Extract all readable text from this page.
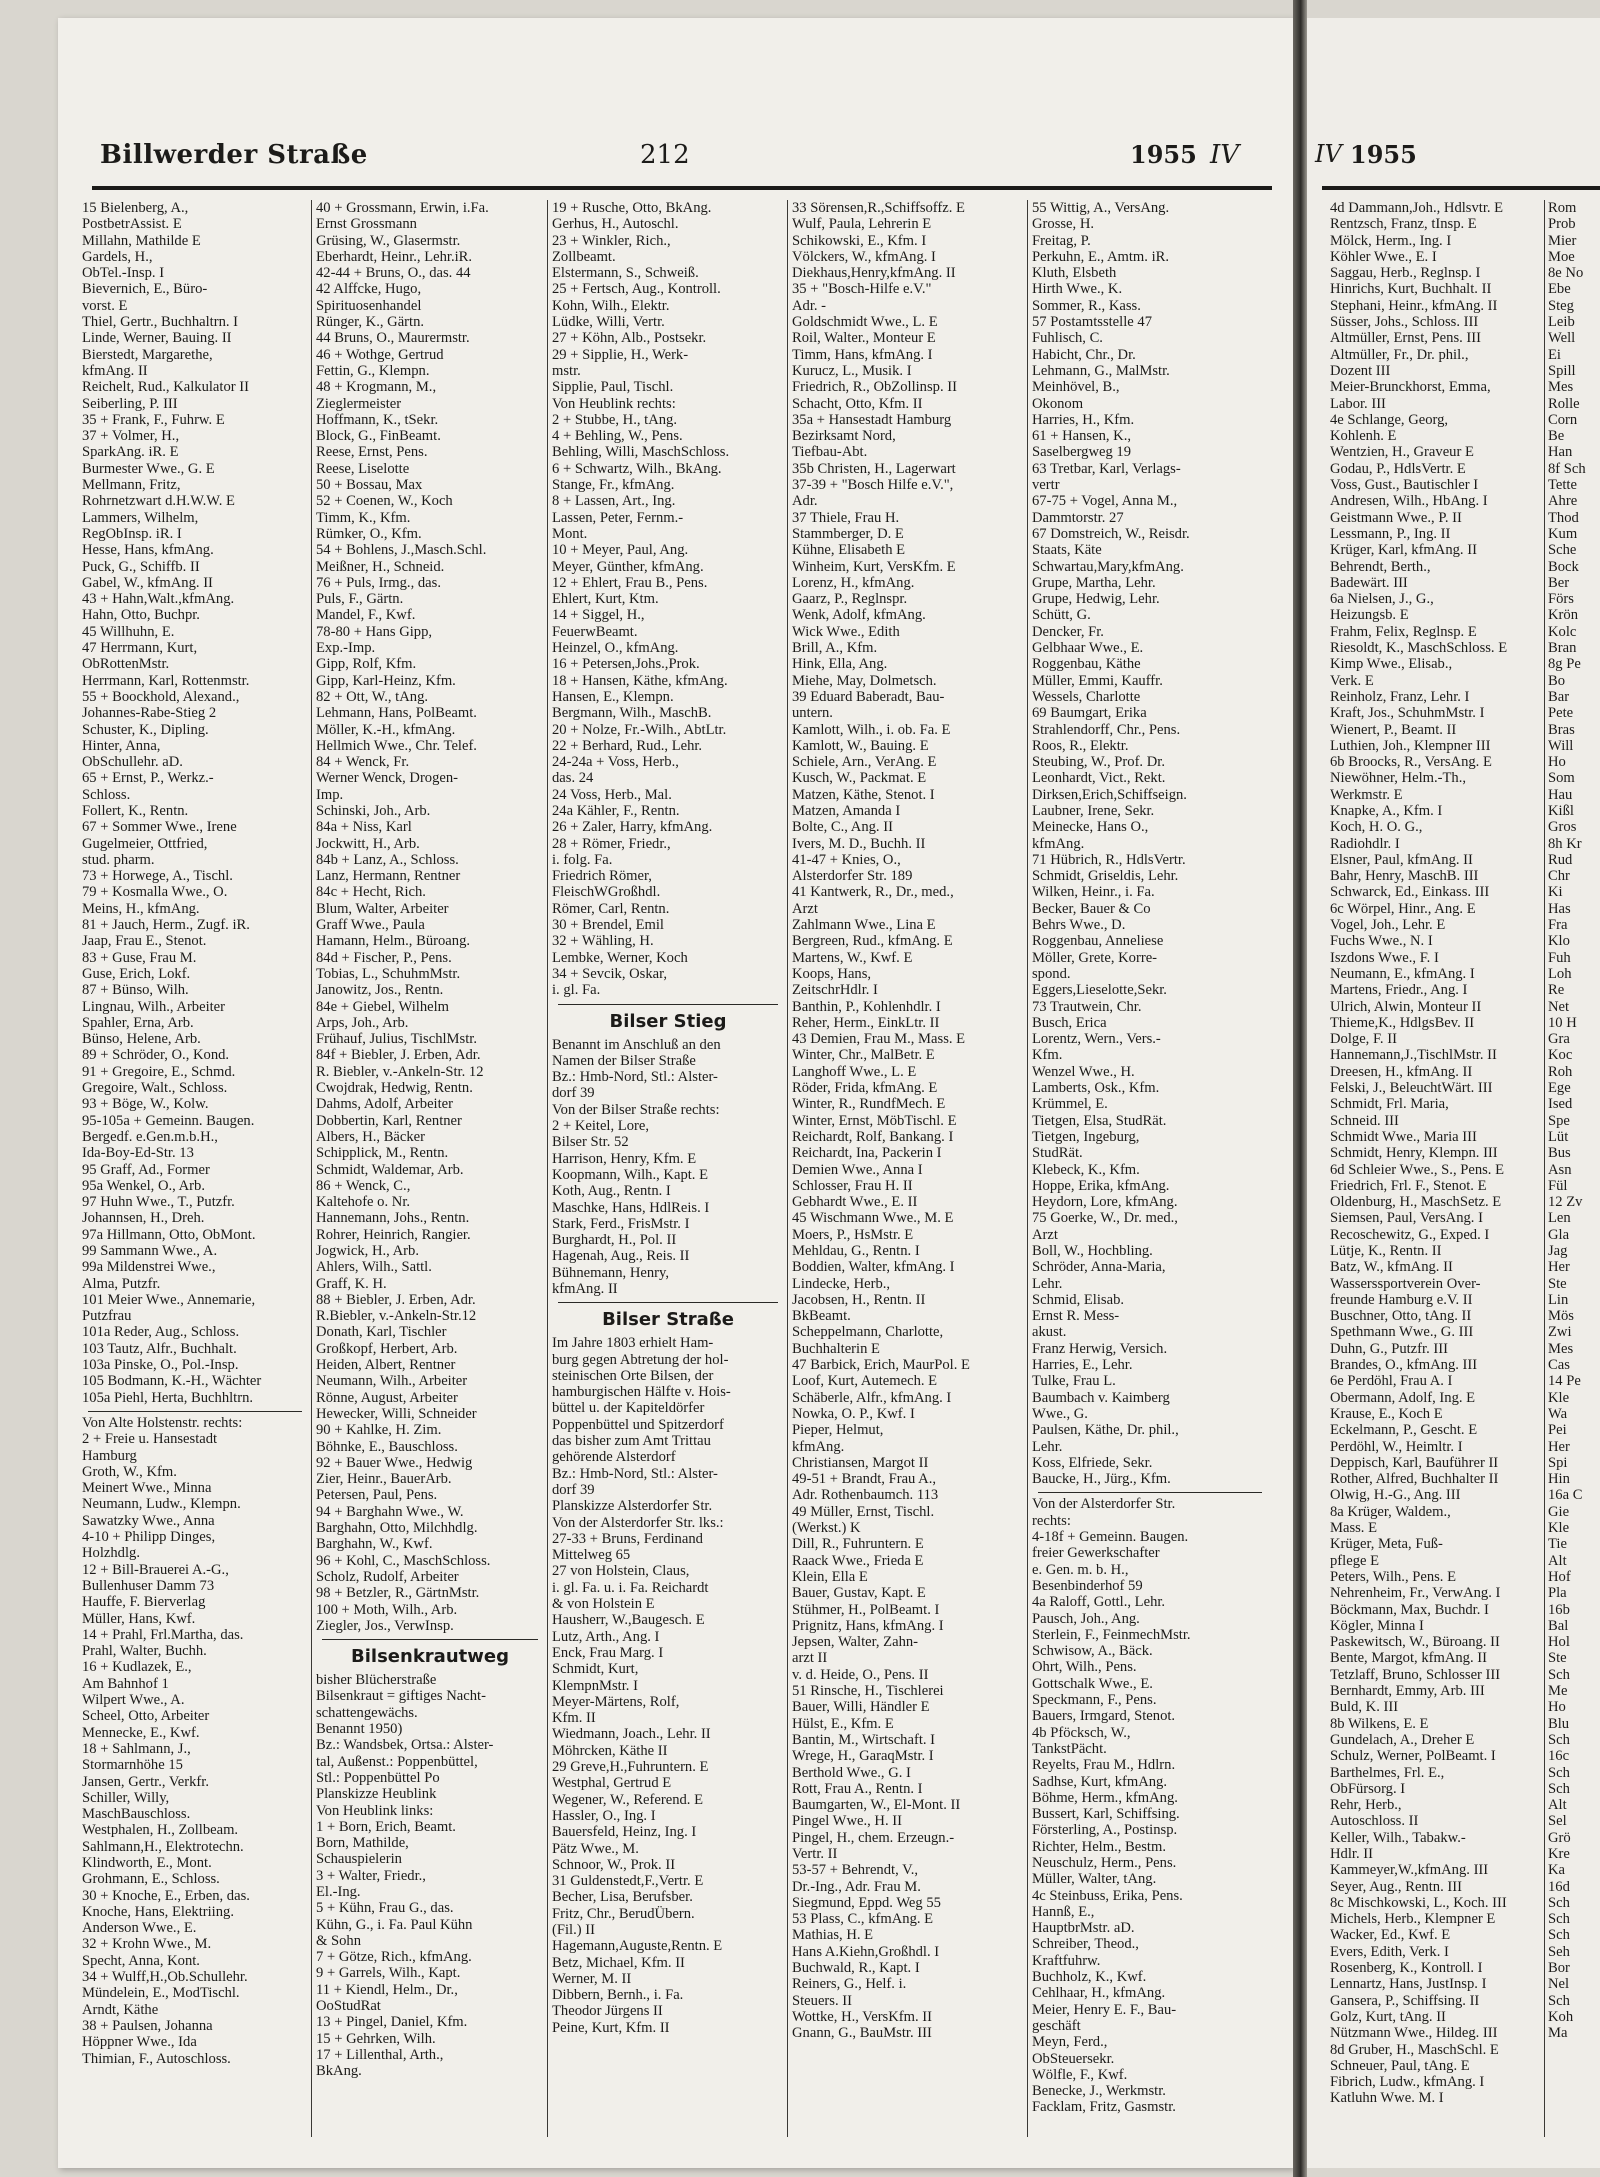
Billwerder Straße	212	1955 IV	IV 1955
15 Bielenberg, A.,
PostbetrAssist. E
Millahn, Mathilde E
Gardels, H.,
ObTel.-Insp. I
Bievernich, E., Büro-
vorst. E
Thiel, Gertr., Buchhaltrn. I
Linde, Werner, Bauing. II
Bierstedt, Margarethe,
kfmAng. II
Reichelt, Rud., Kalkulator II
Seiberling, P. III
35 + Frank, F., Fuhrw. E
37 + Volmer, H.,
SparkAng. iR. E
Burmester Wwe., G. E
Mellmann, Fritz,
Rohrnetzwart d.H.W.W. E
Lammers, Wilhelm,
RegObInsp. iR. I
Hesse, Hans, kfmAng.
Puck, G., Schiffb. II
Gabel, W., kfmAng. II
43 + Hahn,Walt.,kfmAng.
Hahn, Otto, Buchpr.
45 Willhuhn, E.
47 Herrmann, Kurt,
ObRottenMstr.
Herrmann, Karl, Rottenmstr.
55 + Boockhold, Alexand.,
Johannes-Rabe-Stieg 2
Schuster, K., Dipling.
Hinter, Anna,
ObSchullehr. aD.
65 + Ernst, P., Werkz.-
Schloss.
Follert, K., Rentn.
67 + Sommer Wwe., Irene
Gugelmeier, Ottfried,
stud. pharm.
73 + Horwege, A., Tischl.
79 + Kosmalla Wwe., O.
Meins, H., kfmAng.
81 + Jauch, Herm., Zugf. iR.
Jaap, Frau E., Stenot.
83 + Guse, Frau M.
Guse, Erich, Lokf.
87 + Bünso, Wilh.
Lingnau, Wilh., Arbeiter
Spahler, Erna, Arb.
Bünso, Helene, Arb.
89 + Schröder, O., Kond.
91 + Gregoire, E., Schmd.
Gregoire, Walt., Schloss.
93 + Böge, W., Kolw.
95-105a + Gemeinn. Baugen.
Bergedf. e.Gen.m.b.H.,
Ida-Boy-Ed-Str. 13
95 Graff, Ad., Former
95a Wenkel, O., Arb.
97 Huhn Wwe., T., Putzfr.
Johannsen, H., Dreh.
97a Hillmann, Otto, ObMont.
99 Sammann Wwe., A.
99a Mildenstrei Wwe.,
Alma, Putzfr.
101 Meier Wwe., Annemarie,
Putzfrau
101a Reder, Aug., Schloss.
103 Tautz, Alfr., Buchhalt.
103a Pinske, O., Pol.-Insp.
105 Bodmann, K.-H., Wächter
105a Piehl, Herta, Buchhltrn.
Von Alte Holstenstr. rechts:
2 + Freie u. Hansestadt
Hamburg
Groth, W., Kfm.
Meinert Wwe., Minna
Neumann, Ludw., Klempn.
Sawatzky Wwe., Anna
4-10 + Philipp Dinges,
Holzhdlg.
12 + Bill-Brauerei A.-G.,
Bullenhuser Damm 73
Hauffe, F. Bierverlag
Müller, Hans, Kwf.
14 + Prahl, Frl.Martha, das.
Prahl, Walter, Buchh.
16 + Kudlazek, E.,
Am Bahnhof 1
Wilpert Wwe., A.
Scheel, Otto, Arbeiter
Mennecke, E., Kwf.
18 + Sahlmann, J.,
Stormarnhöhe 15
Jansen, Gertr., Verkfr.
Schiller, Willy,
MaschBauschloss.
Westphalen, H., Zollbeam.
Sahlmann,H., Elektrotechn.
Klindworth, E., Mont.
Grohmann, E., Schloss.
30 + Knoche, E., Erben, das.
Knoche, Hans, Elektriing.
Anderson Wwe., E.
32 + Krohn Wwe., M.
Specht, Anna, Kont.
34 + Wulff,H.,Ob.Schullehr.
Mündelein, E., ModTischl.
Arndt, Käthe
38 + Paulsen, Johanna
Höppner Wwe., Ida
Thimian, F., Autoschloss.
40 + Grossmann, Erwin, i.Fa.
Ernst Grossmann
Grüsing, W., Glasermstr.
Eberhardt, Heinr., Lehr.iR.
42-44 + Bruns, O., das. 44
42 Alffcke, Hugo,
Spirituosenhandel
Rünger, K., Gärtn.
44 Bruns, O., Maurermstr.
46 + Wothge, Gertrud
Fettin, G., Klempn.
48 + Krogmann, M.,
Zieglermeister
Hoffmann, K., tSekr.
Block, G., FinBeamt.
Reese, Ernst, Pens.
Reese, Liselotte
50 + Bossau, Max
52 + Coenen, W., Koch
Timm, K., Kfm.
Rümker, O., Kfm.
54 + Bohlens, J.,Masch.Schl.
Meißner, H., Schneid.
76 + Puls, Irmg., das.
Puls, F., Gärtn.
Mandel, F., Kwf.
78-80 + Hans Gipp,
Exp.-Imp.
Gipp, Rolf, Kfm.
Gipp, Karl-Heinz, Kfm.
82 + Ott, W., tAng.
Lehmann, Hans, PolBeamt.
Möller, K.-H., kfmAng.
Hellmich Wwe., Chr. Telef.
84 + Wenck, Fr.
Werner Wenck, Drogen-
Imp.
Schinski, Joh., Arb.
84a + Niss, Karl
Jockwitt, H., Arb.
84b + Lanz, A., Schloss.
Lanz, Hermann, Rentner
84c + Hecht, Rich.
Blum, Walter, Arbeiter
Graff Wwe., Paula
Hamann, Helm., Büroang.
84d + Fischer, P., Pens.
Tobias, L., SchuhmMstr.
Janowitz, Jos., Rentn.
84e + Giebel, Wilhelm
Arps, Joh., Arb.
Frühauf, Julius, TischlMstr.
84f + Biebler, J. Erben, Adr.
R. Biebler, v.-Ankeln-Str. 12
Cwojdrak, Hedwig, Rentn.
Dahms, Adolf, Arbeiter
Dobbertin, Karl, Rentner
Albers, H., Bäcker
Schipplick, M., Rentn.
Schmidt, Waldemar, Arb.
86 + Wenck, C.,
Kaltehofe o. Nr.
Hannemann, Johs., Rentn.
Rohrer, Heinrich, Rangier.
Jogwick, H., Arb.
Ahlers, Wilh., Sattl.
Graff, K. H.
88 + Biebler, J. Erben, Adr.
R.Biebler, v.-Ankeln-Str.12
Donath, Karl, Tischler
Großkopf, Herbert, Arb.
Heiden, Albert, Rentner
Neumann, Wilh., Arbeiter
Rönne, August, Arbeiter
Hewecker, Willi, Schneider
90 + Kahlke, H. Zim.
Böhnke, E., Bauschloss.
92 + Bauer Wwe., Hedwig
Zier, Heinr., BauerArb.
Petersen, Paul, Pens.
94 + Barghahn Wwe., W.
Barghahn, Otto, Milchhdlg.
Barghahn, W., Kwf.
96 + Kohl, C., MaschSchloss.
Scholz, Rudolf, Arbeiter
98 + Betzler, R., GärtnMstr.
100 + Moth, Wilh., Arb.
Ziegler, Jos., VerwInsp.
Bilsenkrautweg
bisher Blücherstraße
Bilsenkraut = giftiges Nacht-
schattengewächs.
Benannt 1950)
Bz.: Wandsbek, Ortsa.: Alster-
tal, Außenst.: Poppenbüttel,
Stl.: Poppenbüttel Po
Planskizze Heublink
Von Heublink links:
1 + Born, Erich, Beamt.
Born, Mathilde,
Schauspielerin
3 + Walter, Friedr.,
El.-Ing.
5 + Kühn, Frau G., das.
Kühn, G., i. Fa. Paul Kühn
& Sohn
7 + Götze, Rich., kfmAng.
9 + Garrels, Wilh., Kapt.
11 + Kiendl, Helm., Dr.,
OoStudRat
13 + Pingel, Daniel, Kfm.
15 + Gehrken, Wilh.
17 + Lillenthal, Arth.,
BkAng.
19 + Rusche, Otto, BkAng.
Gerhus, H., Autoschl.
23 + Winkler, Rich.,
Zollbeamt.
Elstermann, S., Schweiß.
25 + Fertsch, Aug., Kontroll.
Kohn, Wilh., Elektr.
Lüdke, Willi, Vertr.
27 + Köhn, Alb., Postsekr.
29 + Sipplie, H., Werk-
mstr.
Sipplie, Paul, Tischl.
Von Heublink rechts:
2 + Stubbe, H., tAng.
4 + Behling, W., Pens.
Behling, Willi, MaschSchloss.
6 + Schwartz, Wilh., BkAng.
Stange, Fr., kfmAng.
8 + Lassen, Art., Ing.
Lassen, Peter, Fernm.-
Mont.
10 + Meyer, Paul, Ang.
Meyer, Günther, kfmAng.
12 + Ehlert, Frau B., Pens.
Ehlert, Kurt, Ktm.
14 + Siggel, H.,
FeuerwBeamt.
Heinzel, O., kfmAng.
16 + Petersen,Johs.,Prok.
18 + Hansen, Käthe, kfmAng.
Hansen, E., Klempn.
Bergmann, Wilh., MaschB.
20 + Nolze, Fr.-Wilh., AbtLtr.
22 + Berhard, Rud., Lehr.
24-24a + Voss, Herb.,
das. 24
24 Voss, Herb., Mal.
24a Kähler, F., Rentn.
26 + Zaler, Harry, kfmAng.
28 + Römer, Friedr.,
i. folg. Fa.
Friedrich Römer,
FleischWGroßhdl.
Römer, Carl, Rentn.
30 + Brendel, Emil
32 + Wähling, H.
Lembke, Werner, Koch
34 + Sevcik, Oskar,
i. gl. Fa.
Bilser Stieg
Benannt im Anschluß an den
Namen der Bilser Straße
Bz.: Hmb-Nord, Stl.: Alster-
dorf 39
Von der Bilser Straße rechts:
2 + Keitel, Lore,
Bilser Str. 52
Harrison, Henry, Kfm. E
Koopmann, Wilh., Kapt. E
Koth, Aug., Rentn. I
Maschke, Hans, HdlReis. I
Stark, Ferd., FrisMstr. I
Burghardt, H., Pol. II
Hagenah, Aug., Reis. II
Bühnemann, Henry,
kfmAng. II
Bilser Straße
Im Jahre 1803 erhielt Ham-
burg gegen Abtretung der hol-
steinischen Orte Bilsen, der
hamburgischen Hälfte v. Hois-
büttel u. der Kapiteldörfer
Poppenbüttel und Spitzerdorf
das bisher zum Amt Trittau
gehörende Alsterdorf
Bz.: Hmb-Nord, Stl.: Alster-
dorf 39
Planskizze Alsterdorfer Str.
Von der Alsterdorfer Str. lks.:
27-33 + Bruns, Ferdinand
Mittelweg 65
27 von Holstein, Claus,
i. gl. Fa. u. i. Fa. Reichardt
& von Holstein E
Hausherr, W.,Baugesch. E
Lutz, Arth., Ang. I
Enck, Frau Marg. I
Schmidt, Kurt,
KlempnMstr. I
Meyer-Märtens, Rolf,
Kfm. II
Wiedmann, Joach., Lehr. II
Möhrcken, Käthe II
29 Greve,H.,Fuhruntern. E
Westphal, Gertrud E
Wegener, W., Referend. E
Hassler, O., Ing. I
Bauersfeld, Heinz, Ing. I
Pätz Wwe., M.
Schnoor, W., Prok. II
31 Guldenstedt,F.,Vertr. E
Becher, Lisa, Berufsber.
Fritz, Chr., BerudÜbern.
(Fil.) II
Hagemann,Auguste,Rentn. E
Betz, Michael, Kfm. II
Werner, M. II
Dibbern, Bernh., i. Fa.
Theodor Jürgens II
Peine, Kurt, Kfm. II
33 Sörensen,R.,Schiffsoffz. E
Wulf, Paula, Lehrerin E
Schikowski, E., Kfm. I
Völckers, W., kfmAng. I
Diekhaus,Henry,kfmAng. II
35 + "Bosch-Hilfe e.V."
Adr. -
Goldschmidt Wwe., L. E
Roil, Walter., Monteur E
Timm, Hans, kfmAng. I
Kurucz, L., Musik. I
Friedrich, R., ObZollinsp. II
Schacht, Otto, Kfm. II
35a + Hansestadt Hamburg
Bezirksamt Nord,
Tiefbau-Abt.
35b Christen, H., Lagerwart
37-39 + "Bosch Hilfe e.V.",
Adr.
37 Thiele, Frau H.
Stammberger, D. E
Kühne, Elisabeth E
Winheim, Kurt, VersKfm. E
Lorenz, H., kfmAng.
Gaarz, P., Reglnspr.
Wenk, Adolf, kfmAng.
Wick Wwe., Edith
Brill, A., Kfm.
Hink, Ella, Ang.
Miehe, May, Dolmetsch.
39 Eduard Baberadt, Bau-
untern.
Kamlott, Wilh., i. ob. Fa. E
Kamlott, W., Bauing. E
Schiele, Arn., VerAng. E
Kusch, W., Packmat. E
Matzen, Käthe, Stenot. I
Matzen, Amanda I
Bolte, C., Ang. II
Ivers, M. D., Buchh. II
41-47 + Knies, O.,
Alsterdorfer Str. 189
41 Kantwerk, R., Dr., med.,
Arzt
Zahlmann Wwe., Lina E
Bergreen, Rud., kfmAng. E
Martens, W., Kwf. E
Koops, Hans,
ZeitschrHdlr. I
Banthin, P., Kohlenhdlr. I
Reher, Herm., EinkLtr. II
43 Demien, Frau M., Mass. E
Winter, Chr., MalBetr. E
Langhoff Wwe., L. E
Röder, Frida, kfmAng. E
Winter, R., RundfMech. E
Winter, Ernst, MöbTischl. E
Reichardt, Rolf, Bankang. I
Reichardt, Ina, Packerin I
Demien Wwe., Anna I
Schlosser, Frau H. II
Gebhardt Wwe., E. II
45 Wischmann Wwe., M. E
Moers, P., HsMstr. E
Mehldau, G., Rentn. I
Boddien, Walter, kfmAng. I
Lindecke, Herb.,
Jacobsen, H., Rentn. II
BkBeamt.
Scheppelmann, Charlotte,
Buchhalterin E
47 Barbick, Erich, MaurPol. E
Loof, Kurt, Autemech. E
Schäberle, Alfr., kfmAng. I
Nowka, O. P., Kwf. I
Pieper, Helmut,
kfmAng.
Christiansen, Margot II
49-51 + Brandt, Frau A.,
Adr. Rothenbaumch. 113
49 Müller, Ernst, Tischl.
(Werkst.) K
Dill, R., Fuhruntern. E
Raack Wwe., Frieda E
Klein, Ella E
Bauer, Gustav, Kapt. E
Stühmer, H., PolBeamt. I
Prignitz, Hans, kfmAng. I
Jepsen, Walter, Zahn-
arzt II
v. d. Heide, O., Pens. II
51 Rinsche, H., Tischlerei
Bauer, Willi, Händler E
Hülst, E., Kfm. E
Bantin, M., Wirtschaft. I
Wrege, H., GaraqMstr. I
Berthold Wwe., G. I
Rott, Frau A., Rentn. I
Baumgarten, W., El-Mont. II
Pingel Wwe., H. II
Pingel, H., chem. Erzeugn.-
Vertr. II
53-57 + Behrendt, V.,
Dr.-Ing., Adr. Frau M.
Siegmund, Eppd. Weg 55
53 Plass, C., kfmAng. E
Mathias, H. E
Hans A.Kiehn,Großhdl. I
Buchwald, R., Kapt. I
Reiners, G., Helf. i.
Steuers. II
Wottke, H., VersKfm. II
Gnann, G., BauMstr. III
55 Wittig, A., VersAng.
Grosse, H.
Freitag, P.
Perkuhn, E., Amtm. iR.
Kluth, Elsbeth
Hirth Wwe., K.
Sommer, R., Kass.
57 Postamtsstelle 47
Fuhlisch, C.
Habicht, Chr., Dr.
Lehmann, G., MalMstr.
Meinhövel, B.,
Okonom
Harries, H., Kfm.
61 + Hansen, K.,
Saselbergweg 19
63 Tretbar, Karl, Verlags-
vertr
67-75 + Vogel, Anna M.,
Dammtorstr. 27
67 Domstreich, W., Reisdr.
Staats, Käte
Schwartau,Mary,kfmAng.
Grupe, Martha, Lehr.
Grupe, Hedwig, Lehr.
Schütt, G.
Dencker, Fr.
Gelbhaar Wwe., E.
Roggenbau, Käthe
Müller, Emmi, Kauffr.
Wessels, Charlotte
69 Baumgart, Erika
Strahlendorff, Chr., Pens.
Roos, R., Elektr.
Steubing, W., Prof. Dr.
Leonhardt, Vict., Rekt.
Dirksen,Erich,Schiffseign.
Laubner, Irene, Sekr.
Meinecke, Hans O.,
kfmAng.
71 Hübrich, R., HdlsVertr.
Schmidt, Griseldis, Lehr.
Wilken, Heinr., i. Fa.
Becker, Bauer & Co
Behrs Wwe., D.
Roggenbau, Anneliese
Möller, Grete, Korre-
spond.
Eggers,Lieselotte,Sekr.
73 Trautwein, Chr.
Busch, Erica
Lorentz, Wern., Vers.-
Kfm.
Wenzel Wwe., H.
Lamberts, Osk., Kfm.
Krümmel, E.
Tietgen, Elsa, StudRät.
Tietgen, Ingeburg,
StudRät.
Klebeck, K., Kfm.
Hoppe, Erika, kfmAng.
Heydorn, Lore, kfmAng.
75 Goerke, W., Dr. med.,
Arzt
Boll, W., Hochbling.
Schröder, Anna-Maria,
Lehr.
Schmid, Elisab.
Ernst R. Mess-
akust.
Franz Herwig, Versich.
Harries, E., Lehr.
Tulke, Frau L.
Baumbach v. Kaimberg
Wwe., G.
Paulsen, Käthe, Dr. phil.,
Lehr.
Koss, Elfriede, Sekr.
Baucke, H., Jürg., Kfm.
Von der Alsterdorfer Str.
rechts:
4-18f + Gemeinn. Baugen.
freier Gewerkschafter
e. Gen. m. b. H.,
Besenbinderhof 59
4a Raloff, Gottl., Lehr.
Pausch, Joh., Ang.
Sterlein, F., FeinmechMstr.
Schwisow, A., Bäck.
Ohrt, Wilh., Pens.
Gottschalk Wwe., E.
Speckmann, F., Pens.
Bauers, Irmgard, Stenot.
4b Pföcksch, W.,
TankstPächt.
Reyelts, Frau M., Hdlrn.
Sadhse, Kurt, kfmAng.
Böhme, Herm., kfmAng.
Bussert, Karl, Schiffsing.
Försterling, A., Postinsp.
Richter, Helm., Bestm.
Neuschulz, Herm., Pens.
Müller, Walter, tAng.
4c Steinbuss, Erika, Pens.
Hannß, E.,
HauptbrMstr. aD.
Schreiber, Theod.,
Kraftfuhrw.
Buchholz, K., Kwf.
Cehlhaar, H., kfmAng.
Meier, Henry E. F., Bau-
geschäft
Meyn, Ferd.,
ObSteuersekr.
Wölfle, F., Kwf.
Benecke, J., Werkmstr.
Facklam, Fritz, Gasmstr.
4d Dammann,Joh., Hdlsvtr. E
Rentzsch, Franz, tInsp. E
Mölck, Herm., Ing. I
Köhler Wwe., E. I
Saggau, Herb., Reglnsp. I
Hinrichs, Kurt, Buchhalt. II
Stephani, Heinr., kfmAng. II
Süsser, Johs., Schloss. III
Altmüller, Ernst, Pens. III
Altmüller, Fr., Dr. phil.,
Dozent III
Meier-Brunckhorst, Emma,
Labor. III
4e Schlange, Georg,
Kohlenh. E
Wentzien, H., Graveur E
Godau, P., HdlsVertr. E
Voss, Gust., Bautischler I
Andresen, Wilh., HbAng. I
Geistmann Wwe., P. II
Lessmann, P., Ing. II
Krüger, Karl, kfmAng. II
Behrendt, Berth.,
Badewärt. III
6a Nielsen, J., G.,
Heizungsb. E
Frahm, Felix, Reglnsp. E
Riesoldt, K., MaschSchloss. E
Kimp Wwe., Elisab.,
Verk. E
Reinholz, Franz, Lehr. I
Kraft, Jos., SchuhmMstr. I
Wienert, P., Beamt. II
Luthien, Joh., Klempner III
6b Broocks, R., VersAng. E
Niewöhner, Helm.-Th.,
Werkmstr. E
Knapke, A., Kfm. I
Koch, H. O. G.,
Radiohdlr. I
Elsner, Paul, kfmAng. II
Bahr, Henry, MaschB. III
Schwarck, Ed., Einkass. III
6c Wörpel, Hinr., Ang. E
Vogel, Joh., Lehr. E
Fuchs Wwe., N. I
Iszdons Wwe., F. I
Neumann, E., kfmAng. I
Martens, Friedr., Ang. I
Ulrich, Alwin, Monteur II
Thieme,K., HdlgsBev. II
Dolge, F. II
Hannemann,J.,TischlMstr. II
Dreesen, H., kfmAng. II
Felski, J., BeleuchtWärt. III
Schmidt, Frl. Maria,
Schneid. III
Schmidt Wwe., Maria III
Schmidt, Henry, Klempn. III
6d Schleier Wwe., S., Pens. E
Friedrich, Frl. F., Stenot. E
Oldenburg, H., MaschSetz. E
Siemsen, Paul, VersAng. I
Recoschewitz, G., Exped. I
Lütje, K., Rentn. II
Batz, W., kfmAng. II
Wasserssportverein Over-
freunde Hamburg e.V. II
Buschner, Otto, tAng. II
Spethmann Wwe., G. III
Duhn, G., Putzfr. III
Brandes, O., kfmAng. III
6e Perdöhl, Frau A. I
Obermann, Adolf, Ing. E
Krause, E., Koch E
Eckelmann, P., Gescht. E
Perdöhl, W., Heimltr. I
Deppisch, Karl, Bauführer II
Rother, Alfred, Buchhalter II
Olwig, H.-G., Ang. III
8a Krüger, Waldem.,
Mass. E
Krüger, Meta, Fuß-
pflege E
Peters, Wilh., Pens. E
Nehrenheim, Fr., VerwAng. I
Böckmann, Max, Buchdr. I
Kögler, Minna I
Paskewitsch, W., Büroang. II
Bente, Margot, kfmAng. II
Tetzlaff, Bruno, Schlosser III
Bernhardt, Emmy, Arb. III
Buld, K. III
8b Wilkens, E. E
Gundelach, A., Dreher E
Schulz, Werner, PolBeamt. I
Barthelmes, Frl. E.,
ObFürsorg. I
Rehr, Herb.,
Autoschloss. II
Keller, Wilh., Tabakw.-
Hdlr. II
Kammeyer,W.,kfmAng. III
Seyer, Aug., Rentn. III
8c Mischkowski, L., Koch. III
Michels, Herb., Klempner E
Wacker, Ed., Kwf. E
Evers, Edith, Verk. I
Rosenberg, K., Kontroll. I
Lennartz, Hans, JustInsp. I
Gansera, P., Schiffsing. II
Golz, Kurt, tAng. II
Nützmann Wwe., Hildeg. III
8d Gruber, H., MaschSchl. E
Schneuer, Paul, tAng. E
Fibrich, Ludw., kfmAng. I
Katluhn Wwe. M. I
Rom
Prob
Mier
Moe
8e No
Ebe
Steg
Leib
Well
Ei
Spill
Mes
Rolle
Corn
Be
Han
8f Sch
Tette
Ahre
Thod
Kum
Sche
Bock
Ber
Förs
Krön
Kolc
Bran
8g Pe
Bo
Bar
Pete
Bras
Will
Ho
Som
Hau
Kißl
Gros
8h Kr
Rud
Chr
Ki
Has
Fra
Klo
Fuh
Loh
Re
Net
10 H
Gra
Koc
Roh
Ege
Ised
Spe
Lüt
Bus
Asn
Fül
12 Zv
Len
Gla
Jag
Her
Ste
Lin
Mös
Zwi
Mes
Cas
14 Pe
Kle
Wa
Pei
Her
Spi
Hin
16a C
Gie
Kle
Tie
Alt
Hof
Pla
16b
Bal
Hol
Ste
Sch
Me
Ho
Blu
Sch
16c
Sch
Sch
Alt
Sel
Grö
Kre
Ka
16d
Sch
Sch
Sch
Seh
Bor
Nel
Sch
Koh
Ma
